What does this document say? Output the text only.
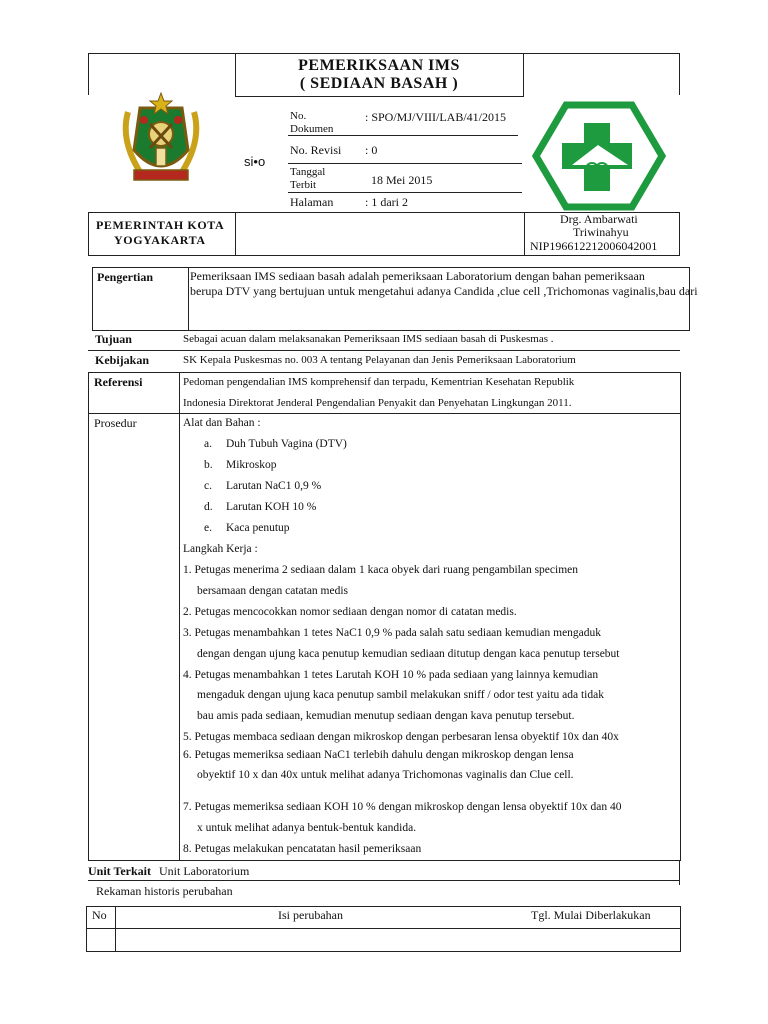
PEMERIKSAAN IMS
( SEDIAAN BASAH )
si•o
No.
Dokumen
: SPO/MJ/VIII/LAB/41/2015
No. Revisi : 0
Tanggal
Terbit	18 Mei 2015
Halaman	: 1 dari 2
PEMERINTAH KOTA
YOGYAKARTA
Drg. Ambarwati
Triwinahyu
NIP196612212006042001
Pengertian	Pemeriksaan IMS sediaan basah adalah pemeriksaan Laboratorium dengan bahan pemeriksaan
berupa DTV yang bertujuan untuk mengetahui adanya Candida ,clue cell ,Trichomonas vaginalis,bau dari
Tujuan	Sebagai acuan dalam melaksanakan Pemeriksaan IMS sediaan basah di Puskesmas .
Kebijakan	SK Kepala Puskesmas no. 003 A tentang Pelayanan dan Jenis Pemeriksaan Laboratorium
Referensi	Pedoman pengendalian IMS komprehensif dan terpadu, Kementrian Kesehatan Republik
Indonesia Direktorat Jenderal Pengendalian Penyakit dan Penyehatan Lingkungan 2011.
Prosedur	Alat dan Bahan :
a. Duh Tubuh Vagina (DTV)
b. Mikroskop
c. Larutan NaC1 0,9 %
d. Larutan KOH 10 %
e. Kaca penutup
Langkah Kerja :
1. Petugas menerima 2 sediaan dalam 1 kaca obyek dari ruang pengambilan specimen
bersamaan dengan catatan medis
2. Petugas mencocokkan nomor sediaan dengan nomor di catatan medis.
3. Petugas menambahkan 1 tetes NaC1 0,9 % pada salah satu sediaan kemudian mengaduk
dengan dengan ujung kaca penutup kemudian sediaan ditutup dengan kaca penutup tersebut
4. Petugas menambahkan 1 tetes Larutah KOH 10 % pada sediaan yang lainnya kemudian
mengaduk dengan ujung kaca penutup sambil melakukan sniff / odor test yaitu ada tidak
bau amis pada sediaan, kemudian menutup sediaan dengan kava penutup tersebut.
5. Petugas membaca sediaan dengan mikroskop dengan perbesaran lensa obyektif 10x dan 40x
6. Petugas memeriksa sediaan NaC1 terlebih dahulu dengan mikroskop dengan lensa
obyektif 10 x dan 40x untuk melihat adanya Trichomonas vaginalis dan Clue cell.
7. Petugas memeriksa sediaan KOH 10 % dengan mikroskop dengan lensa obyektif 10x dan 40
x untuk melihat adanya bentuk-bentuk kandida.
8. Petugas melakukan pencatatan hasil pemeriksaan
Unit Terkait Unit Laboratorium
Rekaman historis perubahan
No	Isi perubahan	Tgl. Mulai Diberlakukan
